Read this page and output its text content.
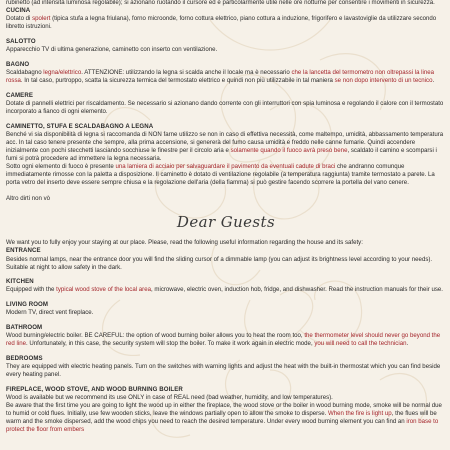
rubinetto (ad intensità luminosa regolabile); si azionano ruotando il cursore ed è particolarmente utile nelle ore notturne per consentire i movimenti in sicurezza.

CUCINA

Dotato di spolert (tipica stufa a legna friulana), forno microonde, forno cottura elettrico, piano cottura a induzione, frigorifero e lavastoviglie da utilizzare secondo libretto istruzioni.

SALOTTO

Apparecchio TV di ultima generazione, caminetto con inserto con ventilazione.

BAGNO

Scaldabagno legna/elettrico. ATTENZIONE: utilizzando la legna si scalda anche il locale ma è necessario che la lancetta del termometro non oltrepassi la linea rossa. In tal caso, purtroppo, scatta la sicurezza termica del termostato elettrico e quindi non più utilizzabile in tal maniera se non dopo intervento di un tecnico.

CAMERE

Dotate di pannelli elettrici per riscaldamento. Se necessario si azionano dando corrente con gli interruttori con spia luminosa e regolando il calore con il termostato incorporato a fianco di ogni elemento.

CAMINETTO, STUFA E SCALDABAGNO A LEGNA

Benché vi sia disponibilità di legna si raccomanda di NON farne utilizzo se non in caso di effettiva necessità, come maltempo, umidità, abbassamento temperatura acc. In tal caso tenere presente che sempre, alla prima accensione, si genererà del fumo causa umidità e freddo nelle canne fumarie. Quindi accendere inizialmente con pochi stecchetti lasciando socchiuse le finestre per il circolo aria e solamente quando il fuoco avrà preso bene, scaldato il camino e scomparsi i fumi si potrà procedere ad immettere la legna necessaria.

Sotto ogni elemento di fuoco è presente una lamiera di acciaio per salvaguardare il pavimento da eventuali cadute di braci che andranno comunque immediatamente rimosse con la paletta a disposizione. Il caminetto è dotato di ventilazione regolabile (a temperatura raggiunta) tramite termostato a parete. La porta vetro del inserto deve essere sempre chiusa e la regolazione dell'aria (della fiamma) si può gestire facendo scorrere la portella del vano cenere.

Altro dirti non vò

Dear Guests

We want you to fully enjoy your staying at our place. Please, read the following useful information regarding the house and its safety:

ENTRANCE

Besides normal lamps, near the entrance door you will find the sliding cursor of a dimmable lamp (you can adjust its brightness level according to your needs). Suitable at night to allow safety in the dark.

KITCHEN

Equipped with the typical wood stove of the local area, microwave, electric oven, induction hob, fridge, and dishwasher. Read the instruction manuals for their use.

LIVING ROOM

Modern TV, direct vent fireplace.

BATHROOM

Wood burning/electric boiler. BE CAREFUL: the option of wood burning boiler allows you to heat the room too, the thermometer level should never go beyond the red line. Unfortunately, in this case, the security system will stop the boiler. To make it work again in electric mode, you will need to call the technician.

BEDROOMS

They are equipped with electric heating panels. Turn on the switches with warning lights and adjust the heat with the built-in thermostat which you can find beside every heating panel.

FIREPLACE, WOOD STOVE, AND WOOD BURNING BOILER

Wood is available but we recommend its use ONLY in case of REAL need (bad weather, humidity, and low temperatures).

Be aware that the first time you are going to light the wood up in either the fireplace, the wood stove or the boiler in wood burning mode, smoke will be normal due to humid or cold flues. Initially, use few wooden sticks, leave the windows partially open to allow the smoke to disperse. When the fire is light up, the flues will be warm and the smoke dispersed, add the wood chips you need to reach the desired temperature. Under every wood burning element you can find an iron base to protect the floor from embers
